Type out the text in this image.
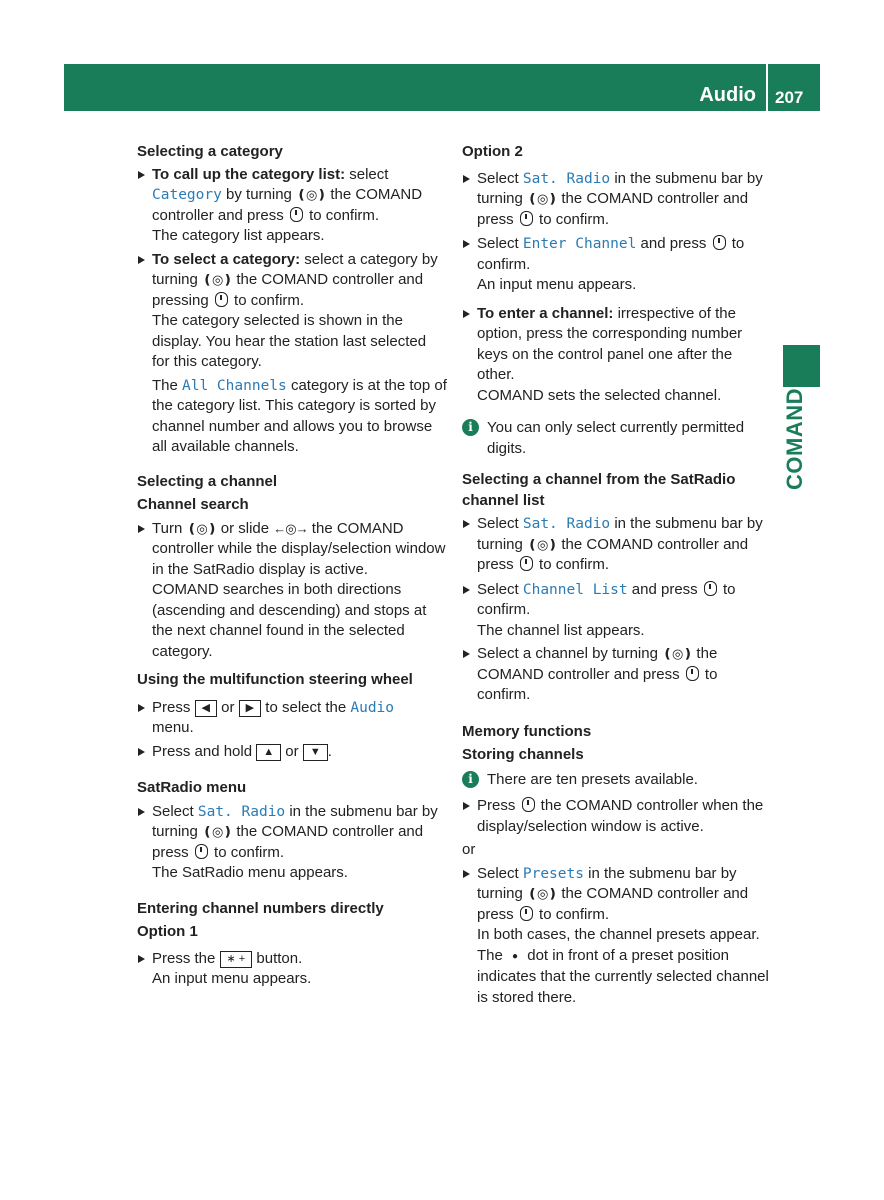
Audio 207
COMAND

Selecting a category

To call up the category list: select Category by turning ❪◎❫ the COMAND controller and press  to confirm.

The category list appears.

To select a category: select a category by turning ❪◎❫ the COMAND controller and pressing  to confirm.

The category selected is shown in the display. You hear the station last selected for this category.

The All Channels category is at the top of the category list. This category is sorted by channel number and allows you to browse all available channels.

Selecting a channel

Channel search

Turn ❪◎❫ or slide ←◎→ the COMAND controller while the display/selection window in the SatRadio display is active.

COMAND searches in both directions (ascending and descending) and stops at the next channel found in the selected category.

Using the multifunction steering wheel

Press ◀ or ▶ to select the Audio
menu.
Press and hold ▲ or ▼ .

SatRadio menu

Select Sat. Radio in the submenu bar by turning ❪◎❫ the COMAND controller and press  to confirm.

The SatRadio menu appears.

Entering channel numbers directly

Option 1

Press the ∗ + button.

An input menu appears.

Option 2

Select Sat. Radio in the submenu bar by turning ❪◎❫ the COMAND controller and press  to confirm.
Select Enter Channel and press  to confirm.

An input menu appears.

To enter a channel: irrespective of the option, press the corresponding number keys on the control panel one after the other.

COMAND sets the selected channel.

i You can only select currently permitted digits.

Selecting a channel from the SatRadio channel list

Select Sat. Radio in the submenu bar by turning ❪◎❫ the COMAND controller and press  to confirm.
Select Channel List and press  to confirm.

The channel list appears.

Select a channel by turning ❪◎❫ the COMAND controller and press  to confirm.

Memory functions

Storing channels

i There are ten presets available.
Press  the COMAND controller when the display/selection window is active.

or

Select Presets in the submenu bar by turning ❪◎❫ the COMAND controller and press  to confirm.

In both cases, the channel presets appear.

The ● dot in front of a preset position indicates that the currently selected channel is stored there.
